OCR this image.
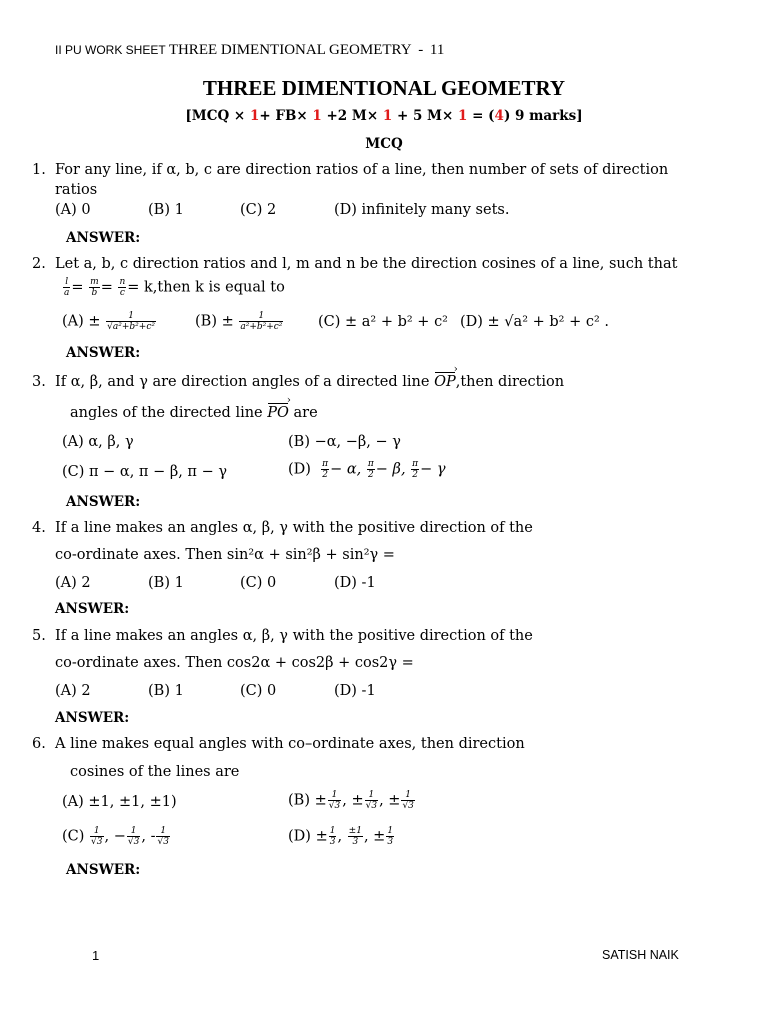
II PU WORK SHEET THREE DIMENTIONAL GEOMETRY - 11
THREE DIMENTIONAL GEOMETRY
[MCQ × 1+ FB× 1 +2 M× 1 + 5 M× 1 = (4) 9 marks]
MCQ
1. For any line, if α, b, c are direction ratios of a line, then number of sets of direction
ratios
(A) 0	(B) 1	(C) 2	(D) infinitely many sets.
ANSWER:
2. Let a, b, c direction ratios and l, m and n be the direction cosines of a line, such that
$\frac{l}{a} = \frac{m}{b} = \frac{n}{c}$ = k,then k is equal to
$(A) \pm \frac{1}{\text{√a²+b²+c²}}$	$(B) \pm \frac{1}{\text{a²+b²+c²}} (C) \pm a^2 + b^2 + c^2$ (D) ± √a² + b² + c² .
ANSWER:
3. If α, β, and γ are direction angles of a directed line OP ›,then direction
angles of the directed line PO › are
(A) α, β, γ	(B) −α, −β, − γ
(C) π − α, π − β, π − γ	$(D) \frac{\pi}{2} - \alpha$, $\frac{\pi}{2} - \beta$, $\frac{\pi}{2} - \gamma$
ANSWER:
4. If a line makes an angles α, β, γ with the positive direction of the
co-ordinate axes. Then sin²α + sin²β + sin²γ =
(A) 2	(B) 1	(C) 0	(D) -1
ANSWER:
5. If a line makes an angles α, β, γ with the positive direction of the
co-ordinate axes. Then cos2α + cos2β + cos2γ =
(A) 2	(B) 1	(C) 0	(D) -1
ANSWER:
6. A line makes equal angles with co–ordinate axes, then direction
cosines of the lines are
(A) ±1, ±1, ±1)	$(B) \pm \frac{1}{√3}$ , ± $\frac{1}{√3}$ , ± $\frac{1}{√3}$
$(C) \frac{1}{√3}$ , − $\frac{1}{√3}$ , - $\frac{1}{√3}$	$(D) \pm \frac{1}{3}$ , $\frac{\pm 1}{3}$ , ± $\frac{1}{3}$
ANSWER:
1	SATISH NAIK
